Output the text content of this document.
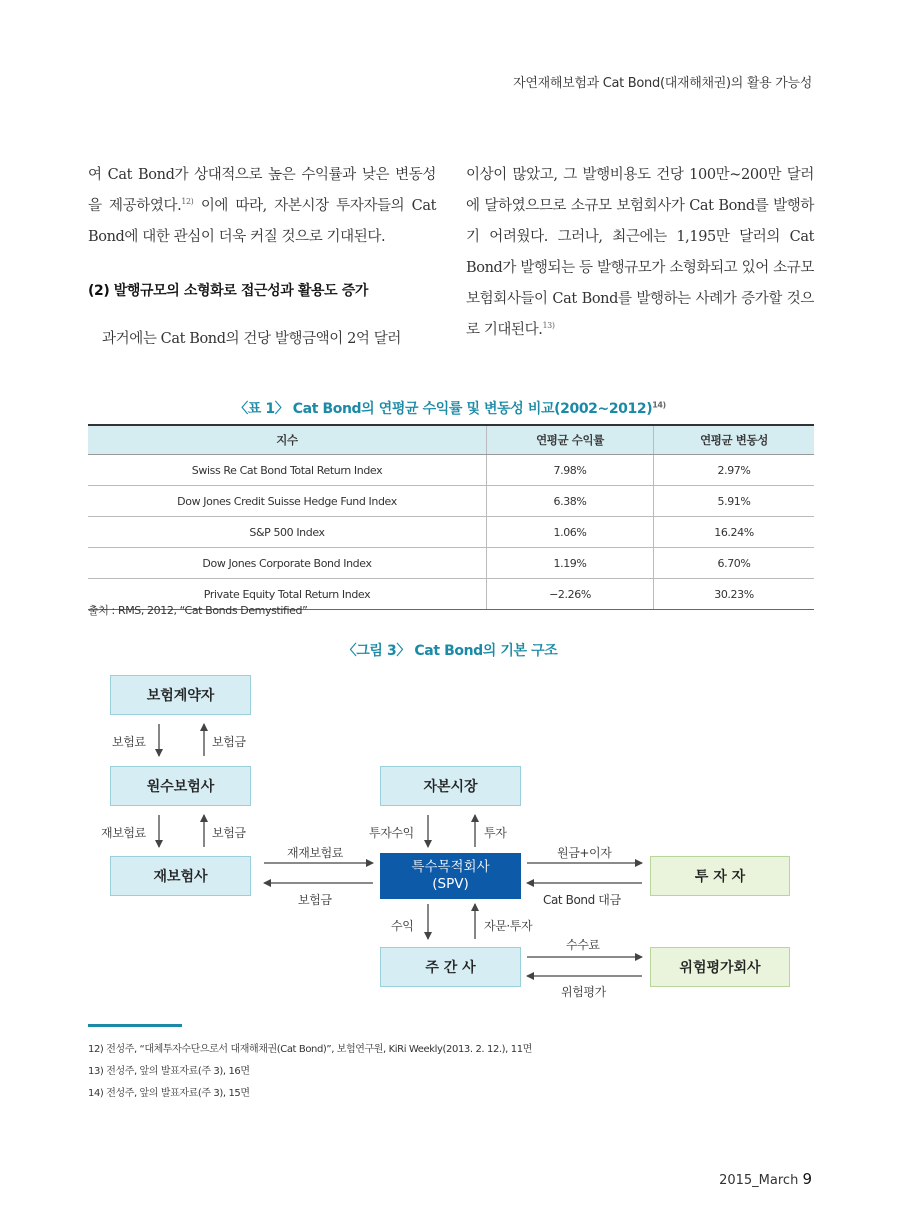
자연재해보험과 Cat Bond(대재해채권)의 활용 가능성

여 Cat Bond가 상대적으로 높은 수익률과 낮은 변동성을 제공하였다.$^{12)}$ 이에 따라, 자본시장 투자자들의 Cat Bond에 대한 관심이 더욱 커질 것으로 기대된다.

(2) 발행규모의 소형화로 접근성과 활용도 증가

과거에는 Cat Bond의 건당 발행금액이 2억 달러

이상이 많았고, 그 발행비용도 건당 100만~200만 달러에 달하였으므로 소규모 보험회사가 Cat Bond를 발행하기 어려웠다. 그러나, 최근에는 1,195만 달러의 Cat Bond가 발행되는 등 발행규모가 소형화되고 있어 소규모 보험회사들이 Cat Bond를 발행하는 사례가 증가할 것으로 기대된다.$^{13)}$

〈표 1〉 Cat Bond의 연평균 수익률 및 변동성 비교(2002~2012)$^{14)}$
지수	연평균 수익률	연평균 변동성
Swiss Re Cat Bond Total Return Index	7.98%	2.97%
Dow Jones Credit Suisse Hedge Fund Index	6.38%	5.91%
S&P 500 Index	1.06%	16.24%
Dow Jones Corporate Bond Index	1.19%	6.70%
Private Equity Total Return Index	−2.26%	30.23%
출처 : RMS, 2012, “Cat Bonds Demystified”
〈그림 3〉 Cat Bond의 기본 구조
보험계약자
원수보험사
재보험사
자본시장
특수목적회사
(SPV)	투 자 자
주 간 사	위험평가회사
보험료	보험금
재보험료	보험금
재재보험료
보험금
투자수익	투자
원금+이자
Cat Bond 대금
수익	자문·투자
수수료
위험평가
12) 전성주, “대체투자수단으로서 대재해채권(Cat Bond)”, 보험연구원, KiRi Weekly(2013. 2. 12.), 11면
13) 전성주, 앞의 발표자료(주 3), 16면
14) 전성주, 앞의 발표자료(주 3), 15면
2015_March 9
